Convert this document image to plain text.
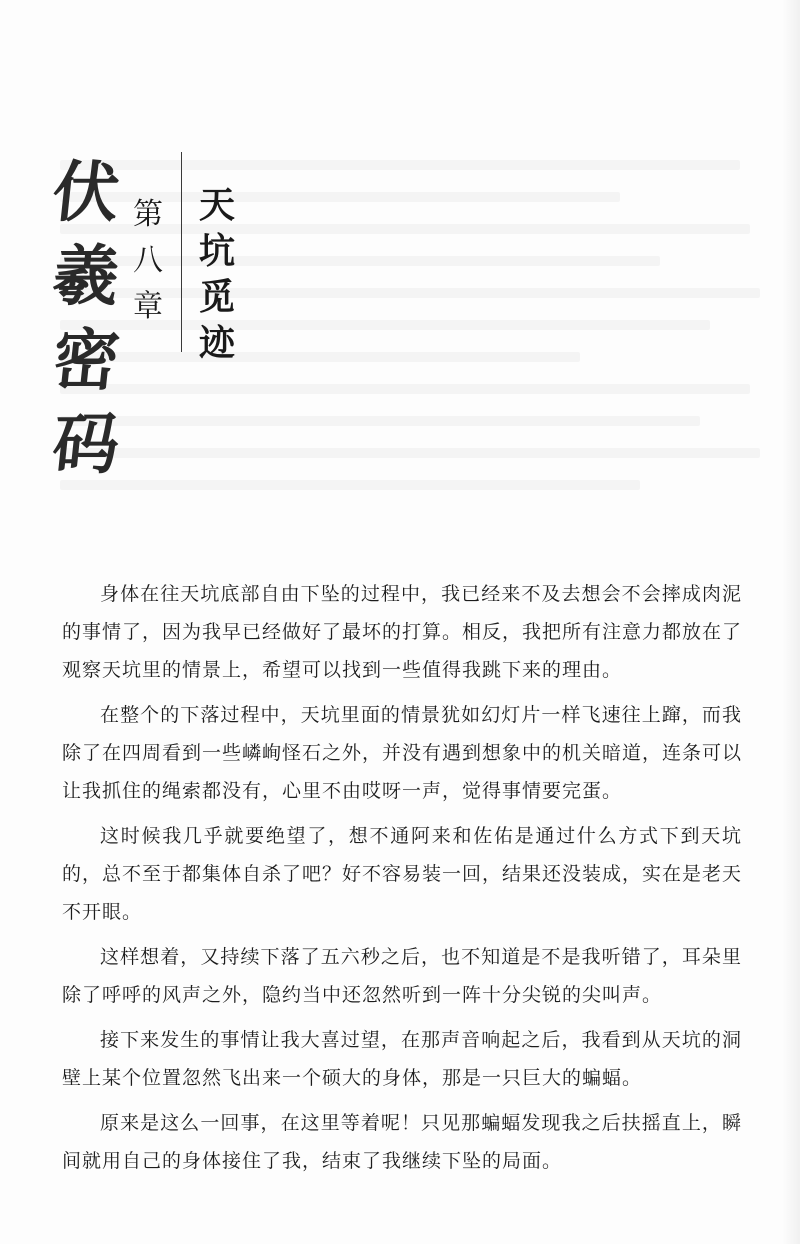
伏
羲
密
码
第
八
章
天
坑
觅
迹

身体在往天坑底部自由下坠的过程中，我已经来不及去想会不会摔成肉泥的事情了，因为我早已经做好了最坏的打算。相反，我把所有注意力都放在了观察天坑里的情景上，希望可以找到一些值得我跳下来的理由。

在整个的下落过程中，天坑里面的情景犹如幻灯片一样飞速往上蹿，而我除了在四周看到一些嶙峋怪石之外，并没有遇到想象中的机关暗道，连条可以让我抓住的绳索都没有，心里不由哎呀一声，觉得事情要完蛋。

这时候我几乎就要绝望了，想不通阿来和佐佑是通过什么方式下到天坑的，总不至于都集体自杀了吧？好不容易装一回，结果还没装成，实在是老天不开眼。

这样想着，又持续下落了五六秒之后，也不知道是不是我听错了，耳朵里除了呼呼的风声之外，隐约当中还忽然听到一阵十分尖锐的尖叫声。

接下来发生的事情让我大喜过望，在那声音响起之后，我看到从天坑的洞壁上某个位置忽然飞出来一个硕大的身体，那是一只巨大的蝙蝠。

原来是这么一回事，在这里等着呢！只见那蝙蝠发现我之后扶摇直上，瞬间就用自己的身体接住了我，结束了我继续下坠的局面。
